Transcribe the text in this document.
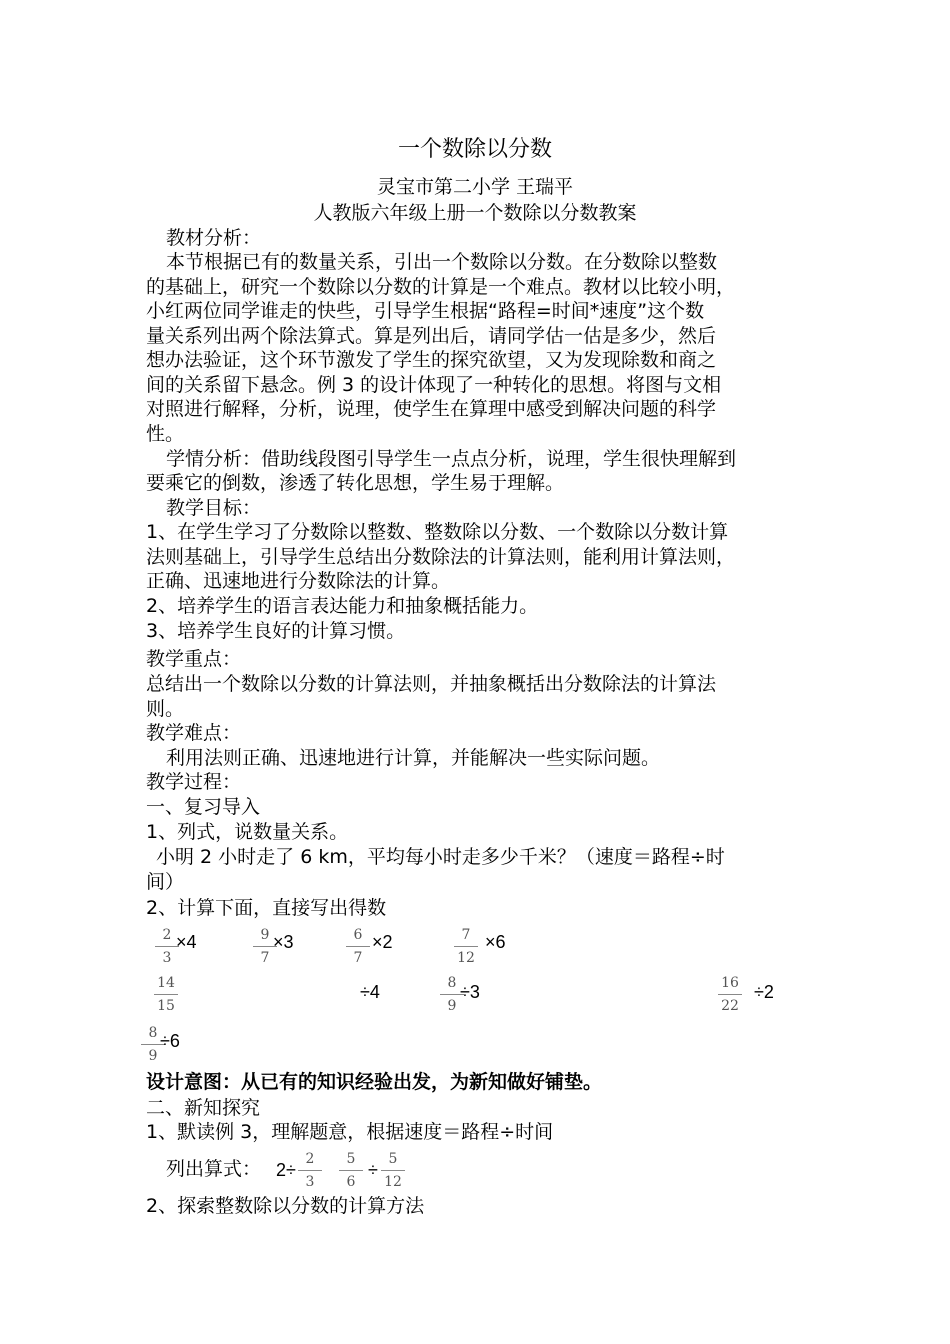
一个数除以分数
灵宝市第二小学 王瑞平
人教版六年级上册一个数除以分数教案
教材分析：
本节根据已有的数量关系，引出一个数除以分数。在分数除以整数
的基础上，研究一个数除以分数的计算是一个难点。教材以比较小明，
小红两位同学谁走的快些，引导学生根据“路程=时间*速度”这个数
量关系列出两个除法算式。算是列出后，请同学估一估是多少，然后
想办法验证，这个环节激发了学生的探究欲望，又为发现除数和商之
间的关系留下悬念。例 3 的设计体现了一种转化的思想。将图与文相
对照进行解释，分析，说理，使学生在算理中感受到解决问题的科学
性。
学情分析：借助线段图引导学生一点点分析，说理，学生很快理解到
要乘它的倒数，渗透了转化思想，学生易于理解。
教学目标：
1、在学生学习了分数除以整数、整数除以分数、一个数除以分数计算
法则基础上，引导学生总结出分数除法的计算法则，能利用计算法则，
正确、迅速地进行分数除法的计算。
2、培养学生的语言表达能力和抽象概括能力。
3、培养学生良好的计算习惯。
教学重点：
总结出一个数除以分数的计算法则，并抽象概括出分数除法的计算法
则。
教学难点：
利用法则正确、迅速地进行计算，并能解决一些实际问题。
教学过程：
一、复习导入
1、列式，说数量关系。
小明 2 小时走了 6 km，平均每小时走多少千米？（速度＝路程÷时
间）
2、计算下面，直接写出得数
2
3
×4	9
7
×3	6
7
×2	7
12
×6
14
15
÷4	8
9
÷3	16
22
÷2
8
9
÷6
设计意图：从已有的知识经验出发，为新知做好铺垫。
二、新知探究
1、默读例 3，理解题意，根据速度＝路程÷时间
列出算式： 2÷
2
3
5
6
÷
5
12
2、探索整数除以分数的计算方法
